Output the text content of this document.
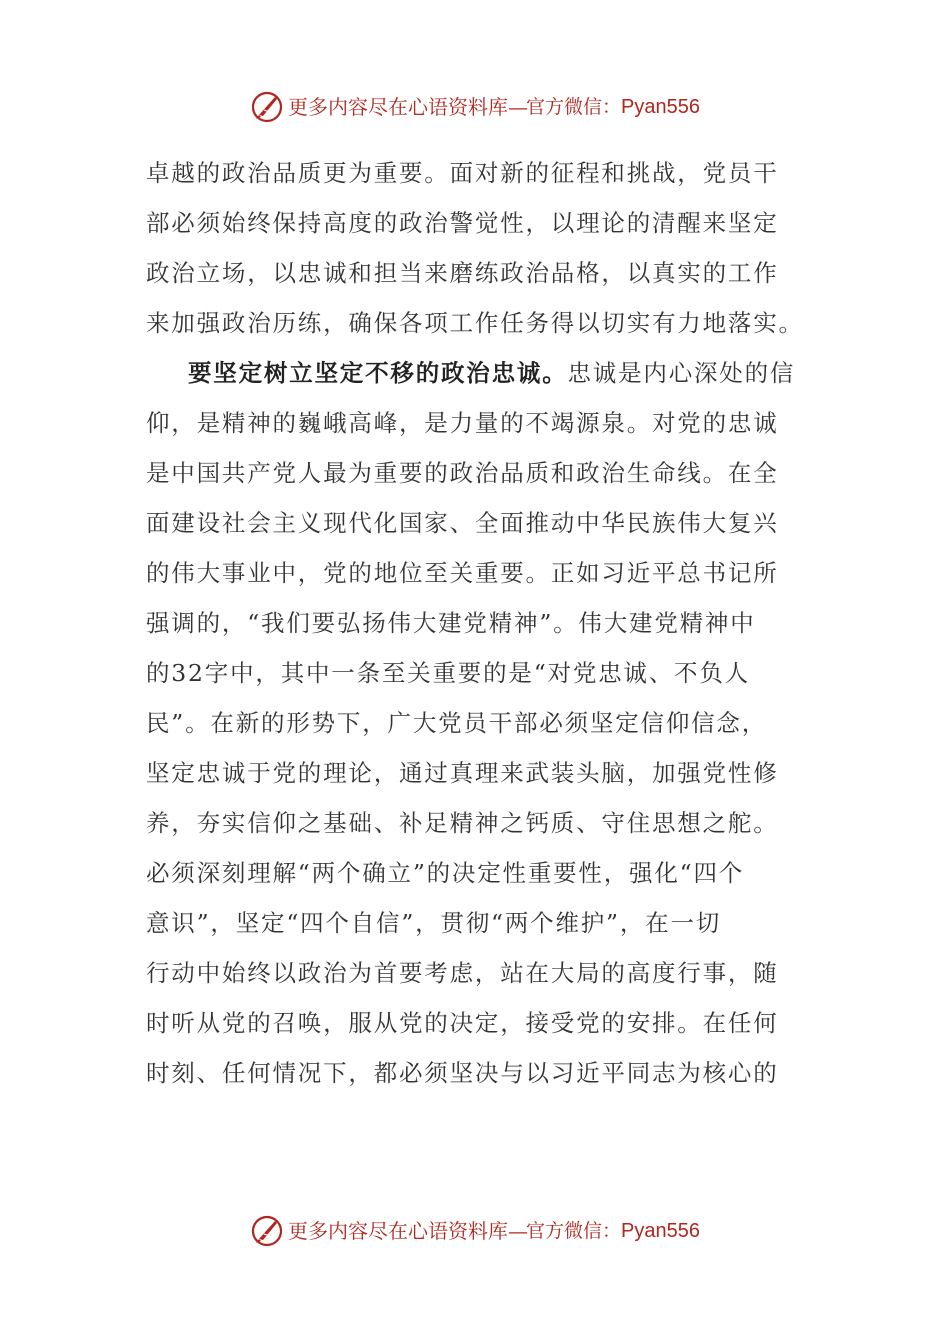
更多内容尽在心语资料库 — 官方微信： Pyan556

卓越的政治品质更为重要。面对新的征程和挑战，党员干
部必须始终保持高度的政治警觉性，以理论的清醒来坚定
政治立场，以忠诚和担当来磨练政治品格，以真实的工作
来加强政治历练，确保各项工作任务得以切实有力地落实。

要坚定树立坚定不移的政治忠诚。忠诚是内心深处的信

仰，是精神的巍峨高峰，是力量的不竭源泉。对党的忠诚
是中国共产党人最为重要的政治品质和政治生命线。在全
面建设社会主义现代化国家、全面推动中华民族伟大复兴
的伟大事业中，党的地位至关重要。正如习近平总书记所
强调的，“我们要弘扬伟大建党精神”。伟大建党精神中
的32字中，其中一条至关重要的是“对党忠诚、不负人
民”。在新的形势下，广大党员干部必须坚定信仰信念，
坚定忠诚于党的理论，通过真理来武装头脑，加强党性修
养，夯实信仰之基础、补足精神之钙质、守住思想之舵。
必须深刻理解“两个确立”的决定性重要性，强化“四个
意识”，坚定“四个自信”，贯彻“两个维护”，在一切
行动中始终以政治为首要考虑，站在大局的高度行事，随
时听从党的召唤，服从党的决定，接受党的安排。在任何
时刻、任何情况下，都必须坚决与以习近平同志为核心的

更多内容尽在心语资料库 — 官方微信： Pyan556
